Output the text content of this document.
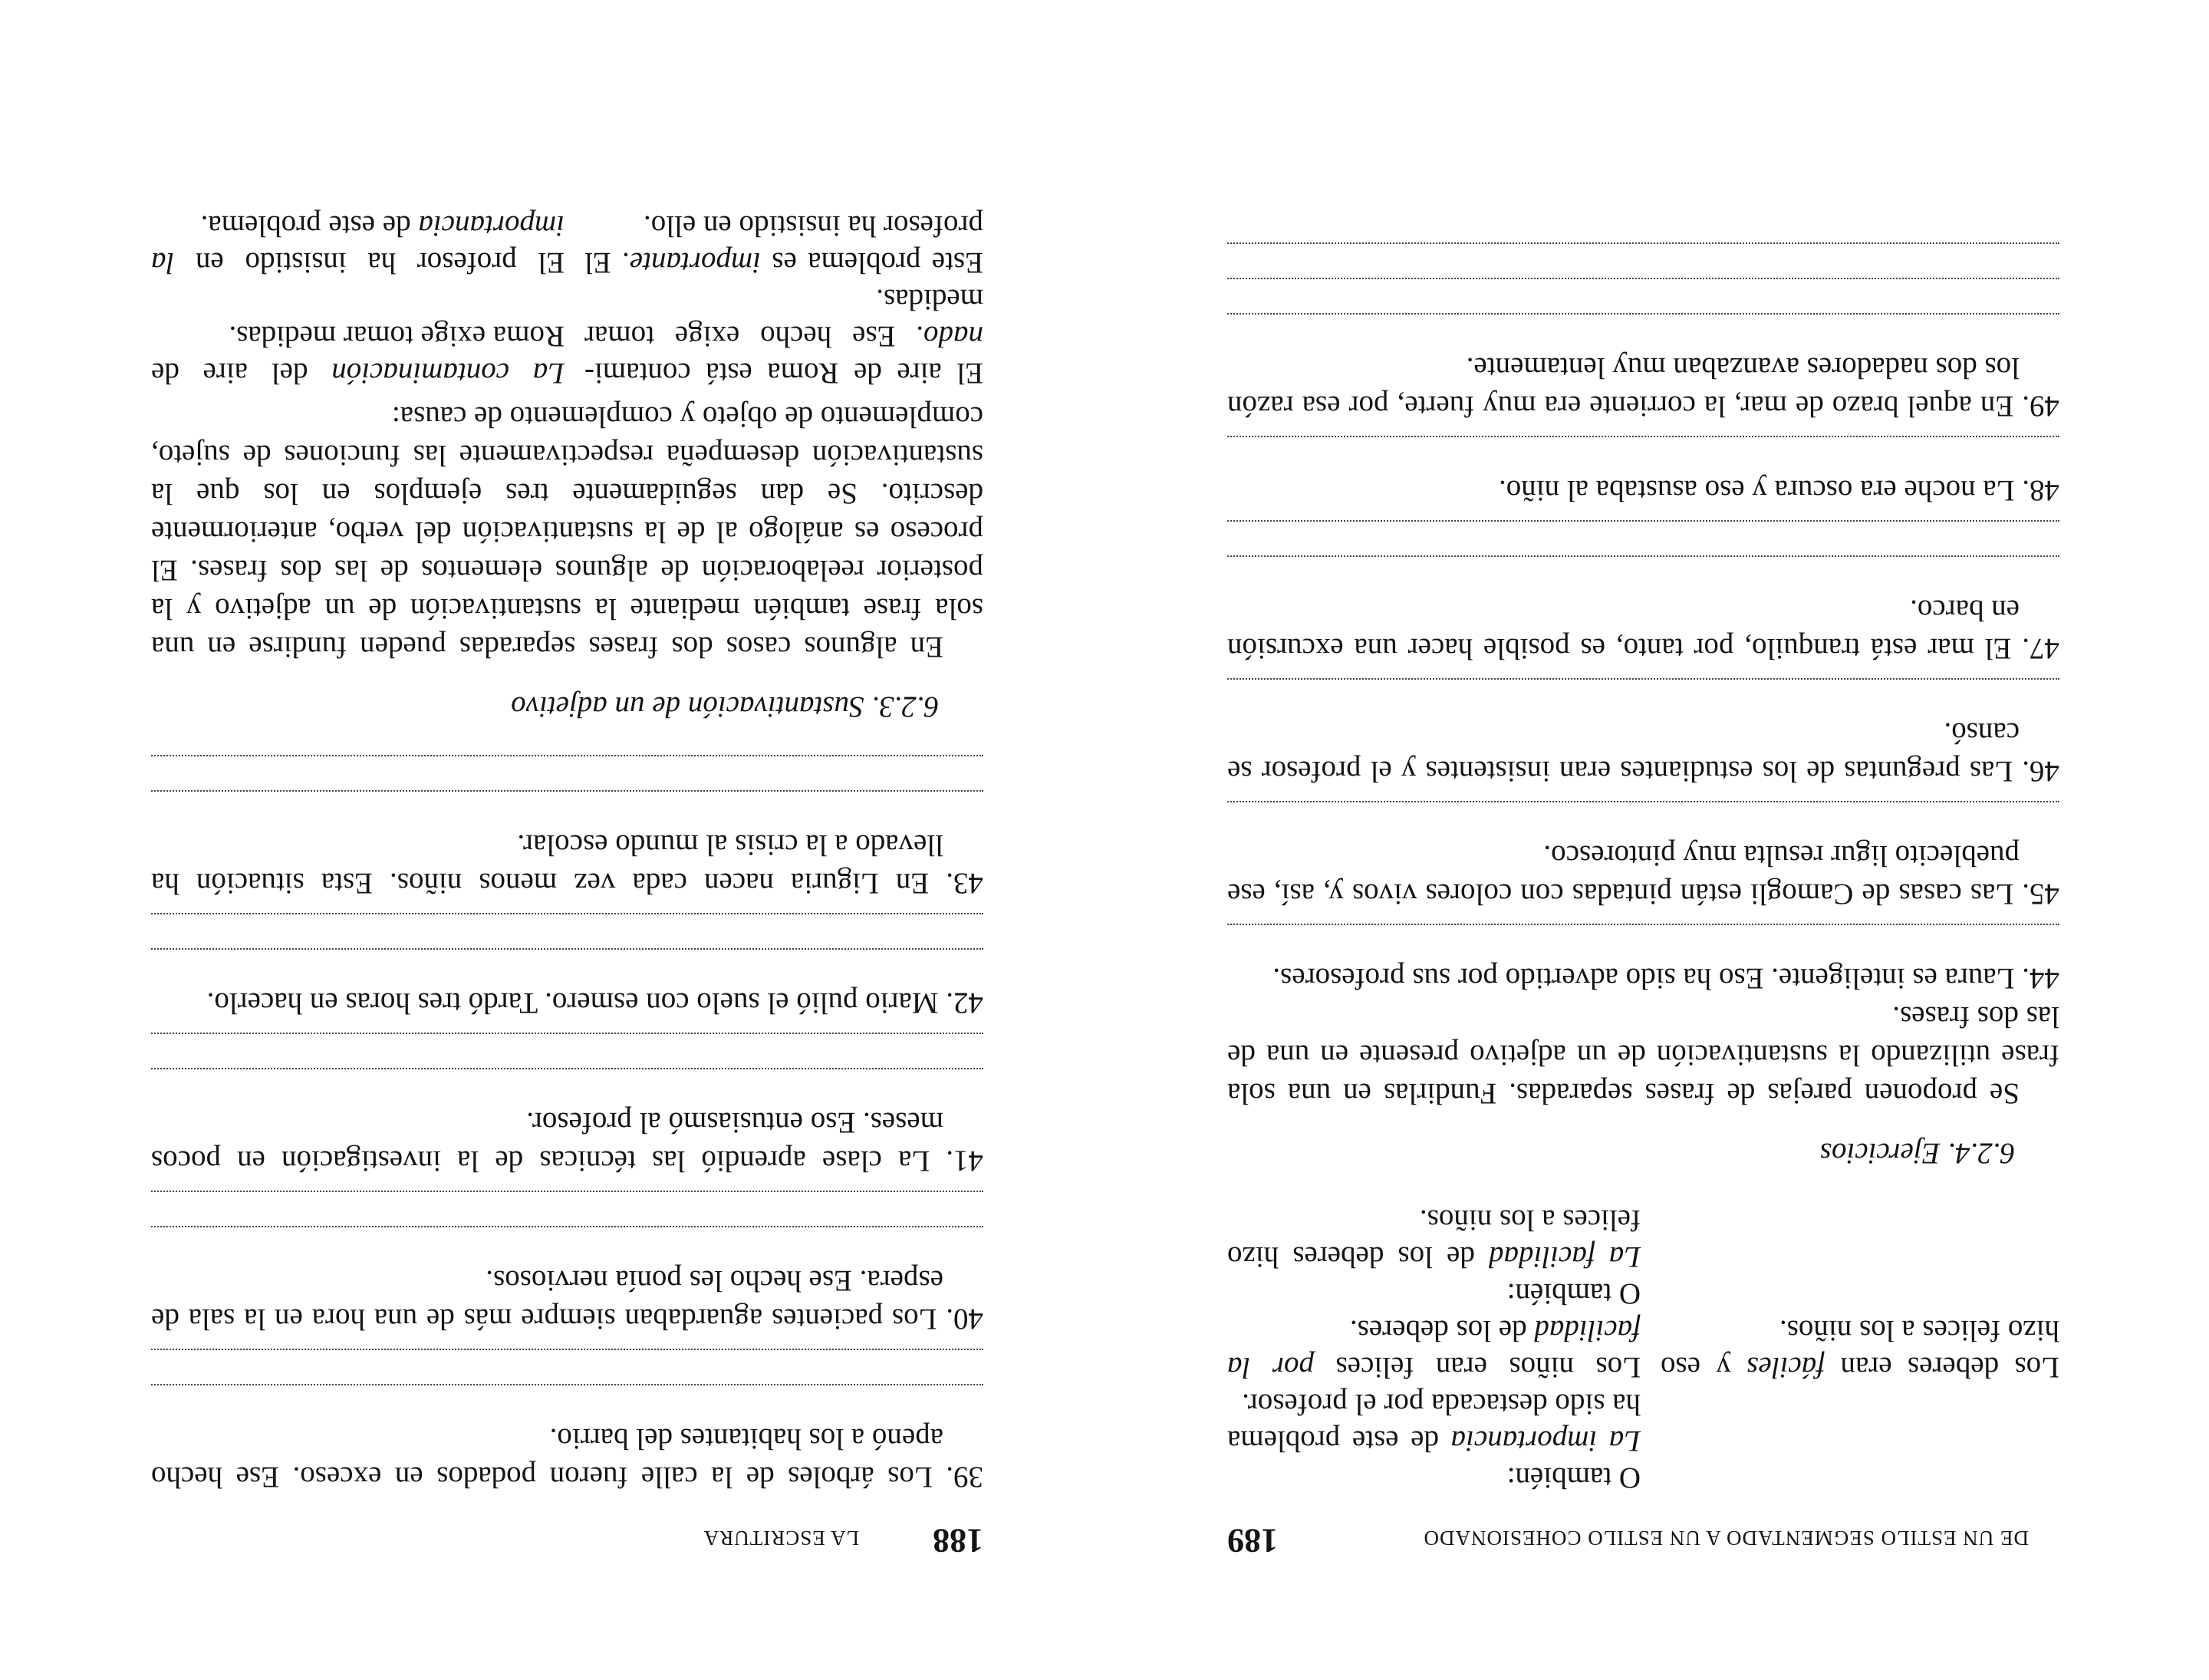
188
LA ESCRITURA

39. Los árboles de la calle fueron podados en exceso. Ese hecho apenó a los habitantes del barrio.

40. Los pacientes aguardaban siempre más de una hora en la sala de espera. Ese hecho les ponía nerviosos.

41. La clase aprendió las técnicas de la investigación en pocos meses. Eso entusiasmó al profesor.

42. Mario pulió el suelo con esmero. Tardó tres horas en hacerlo.

43. En Liguria nacen cada vez menos niños. Esta situación ha llevado a la crisis al mundo escolar.

6.2.3. Sustantivación de un adjetivo

En algunos casos dos frases separadas pueden fundirse en una sola frase también mediante la sustantivación de un adjetivo y la posterior reelaboración de algunos elementos de las dos frases. El proceso es análogo al de la sustantivación del verbo, anteriormente descrito. Se dan seguidamente tres ejemplos en los que la sustantivación desempeña respectivamente las funciones de sujeto, complemento de objeto y complemento de causa:

El aire de Roma está contami-nado. Ese hecho exige tomar medidas.
La contaminación del aire de Roma exige tomar medidas.
Este problema es importante. El profesor ha insistido en ello.
El profesor ha insistido en la importancia de este problema.
DE UN ESTILO SEGMENTADO A UN ESTILO COHESIONADO
189
O también:
La importancia de este problema ha sido destacada por el profesor.
Los deberes eran fáciles y eso hizo felices a los niños.
Los niños eran felices por la facilidad de los deberes.
O también:
La facilidad de los deberes hizo felices a los niños.
6.2.4. Ejercicios

Se proponen parejas de frases separadas. Fundirlas en una sola frase utilizando la sustantivación de un adjetivo presente en una de las dos frases.

44. Laura es inteligente. Eso ha sido advertido por sus profesores.

45. Las casas de Camogli están pintadas con colores vivos y, así, ese pueblecito ligur resulta muy pintoresco.

46. Las preguntas de los estudiantes eran insistentes y el profesor se cansó.

47. El mar está tranquilo, por tanto, es posible hacer una excursión en barco.

48. La noche era oscura y eso asustaba al niño.

49. En aquel brazo de mar, la corriente era muy fuerte, por esa razón los dos nadadores avanzaban muy lentamente.
